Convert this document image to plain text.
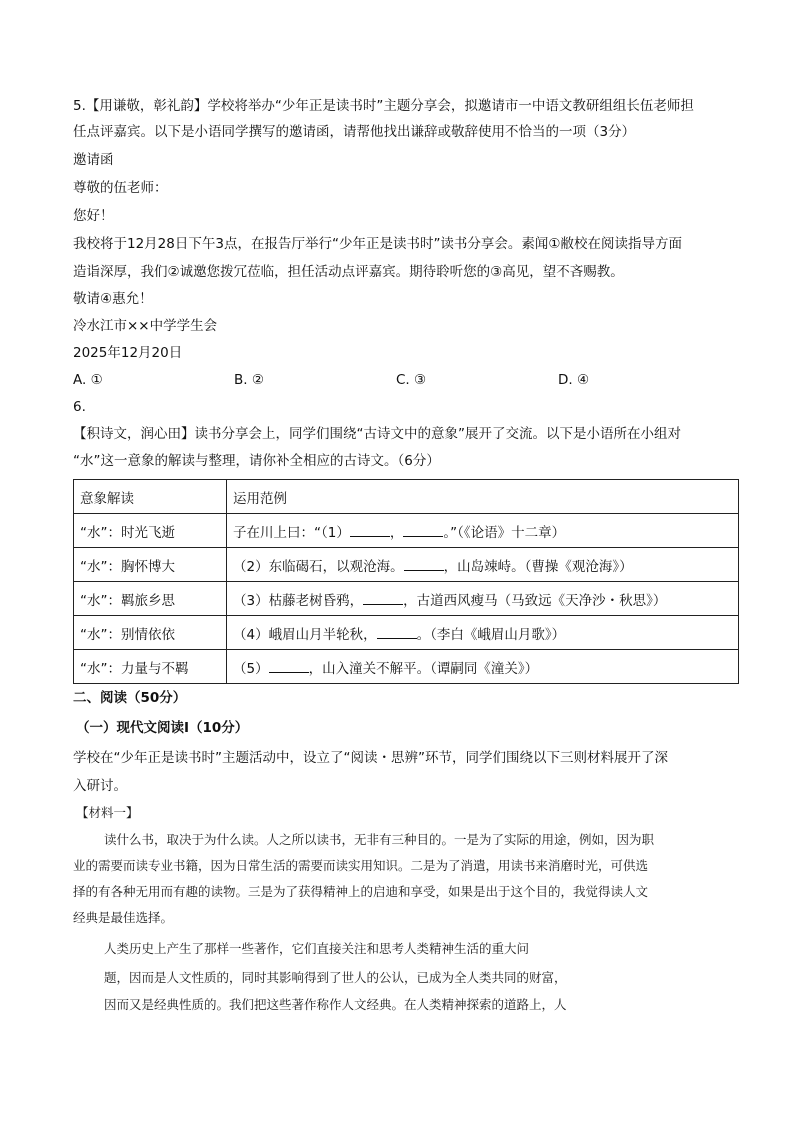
5.【用谦敬，彰礼韵】学校将举办“少年正是读书时”主题分享会，拟邀请市一中语文教研组组长伍老师担
任点评嘉宾。以下是小语同学撰写的邀请函，请帮他找出谦辞或敬辞使用不恰当的一项（3分）
邀请函
尊敬的伍老师：
您好！
我校将于12月28日下午3点，在报告厅举行“少年正是读书时”读书分享会。素闻①敝校在阅读指导方面
造诣深厚，我们②诚邀您拨冗莅临，担任活动点评嘉宾。期待聆听您的③高见，望不吝赐教。
敬请④惠允！
冷水江市××中学学生会
2025年12月20日
A. ①	B. ②	C. ③	D. ④
6.
【积诗文，润心田】读书分享会上，同学们围绕“古诗文中的意象”展开了交流。以下是小语所在小组对
“水”这一意象的解读与整理，请你补全相应的古诗文。（6分）
意象解读	运用范例
“水”：时光飞逝	子在川上曰：“（1） ， 。”（《论语》十二章）
“水”：胸怀博大	（2）东临碣石，以观沧海。 ，山岛竦峙。（曹操《观沧海》）
“水”：羁旅乡思	（3）枯藤老树昏鸦， ，古道西风瘦马（马致远《天净沙・秋思》）
“水”：别情依依	（4）峨眉山月半轮秋， 。（李白《峨眉山月歌》）
“水”：力量与不羁	（5） ，山入潼关不解平。（谭嗣同《潼关》）
二、阅读（50分）
（一）现代文阅读Ⅰ（10分）
学校在“少年正是读书时”主题活动中，设立了“阅读・思辨”环节，同学们围绕以下三则材料展开了深
入研讨。
【材料一】
读什么书，取决于为什么读。人之所以读书，无非有三种目的。一是为了实际的用途，例如，因为职
业的需要而读专业书籍，因为日常生活的需要而读实用知识。二是为了消遣，用读书来消磨时光，可供选
择的有各种无用而有趣的读物。三是为了获得精神上的启迪和享受，如果是出于这个目的，我觉得读人文
经典是最佳选择。
人类历史上产生了那样一些著作，它们直接关注和思考人类精神生活的重大问
题，因而是人文性质的，同时其影响得到了世人的公认，已成为全人类共同的财富，
因而又是经典性质的。我们把这些著作称作人文经典。在人类精神探索的道路上，人
